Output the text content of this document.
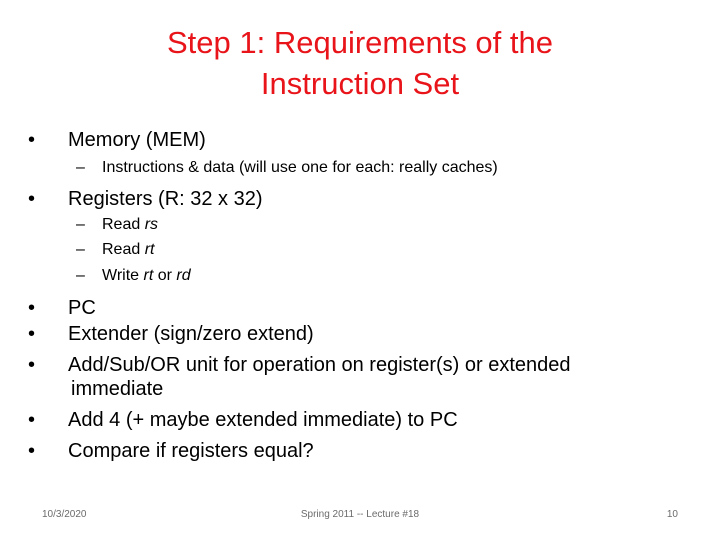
Step 1: Requirements of the
Instruction Set
• Memory (MEM)
– Instructions & data (will use one for each: really caches)
• Registers (R: 32 x 32)
– Read rs
– Read rt
– Write rt or rd
• PC
• Extender (sign/zero extend)
• Add/Sub/OR unit for operation on register(s) or extended
immediate
• Add 4 (+ maybe extended immediate) to PC
• Compare if registers equal?
10/3/2020	Spring 2011 -- Lecture #18	10
